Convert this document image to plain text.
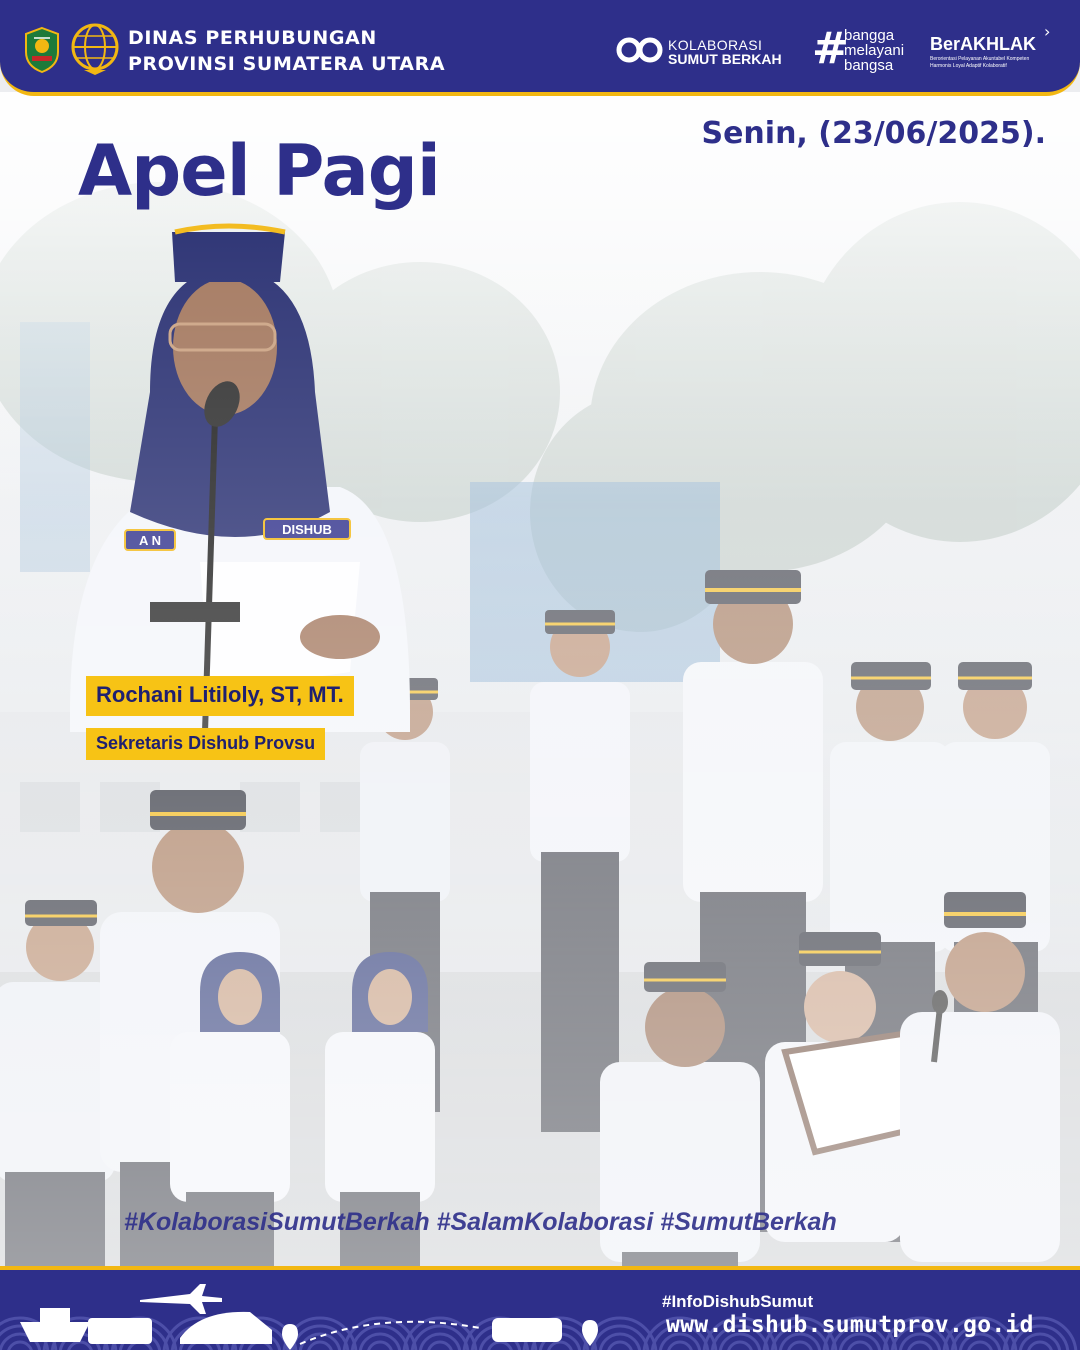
DINAS PERHUBUNGAN
PROVINSI SUMATERA UTARA
KOLABORASI
SUMUT BERKAH #
bangga
melayani
bangsa
BerAKHLAK
›
Berorientasi Pelayanan Akuntabel Kompeten
Harmonis Loyal Adaptif Kolaboratif
Senin, (23/06/2025).
Apel Pagi
Rochani Litiloly, ST, MT.
Sekretaris Dishub Provsu
#KolaborasiSumutBerkah #SalamKolaborasi #SumutBerkah
#InfoDishubSumut
www.dishub.sumutprov.go.id
